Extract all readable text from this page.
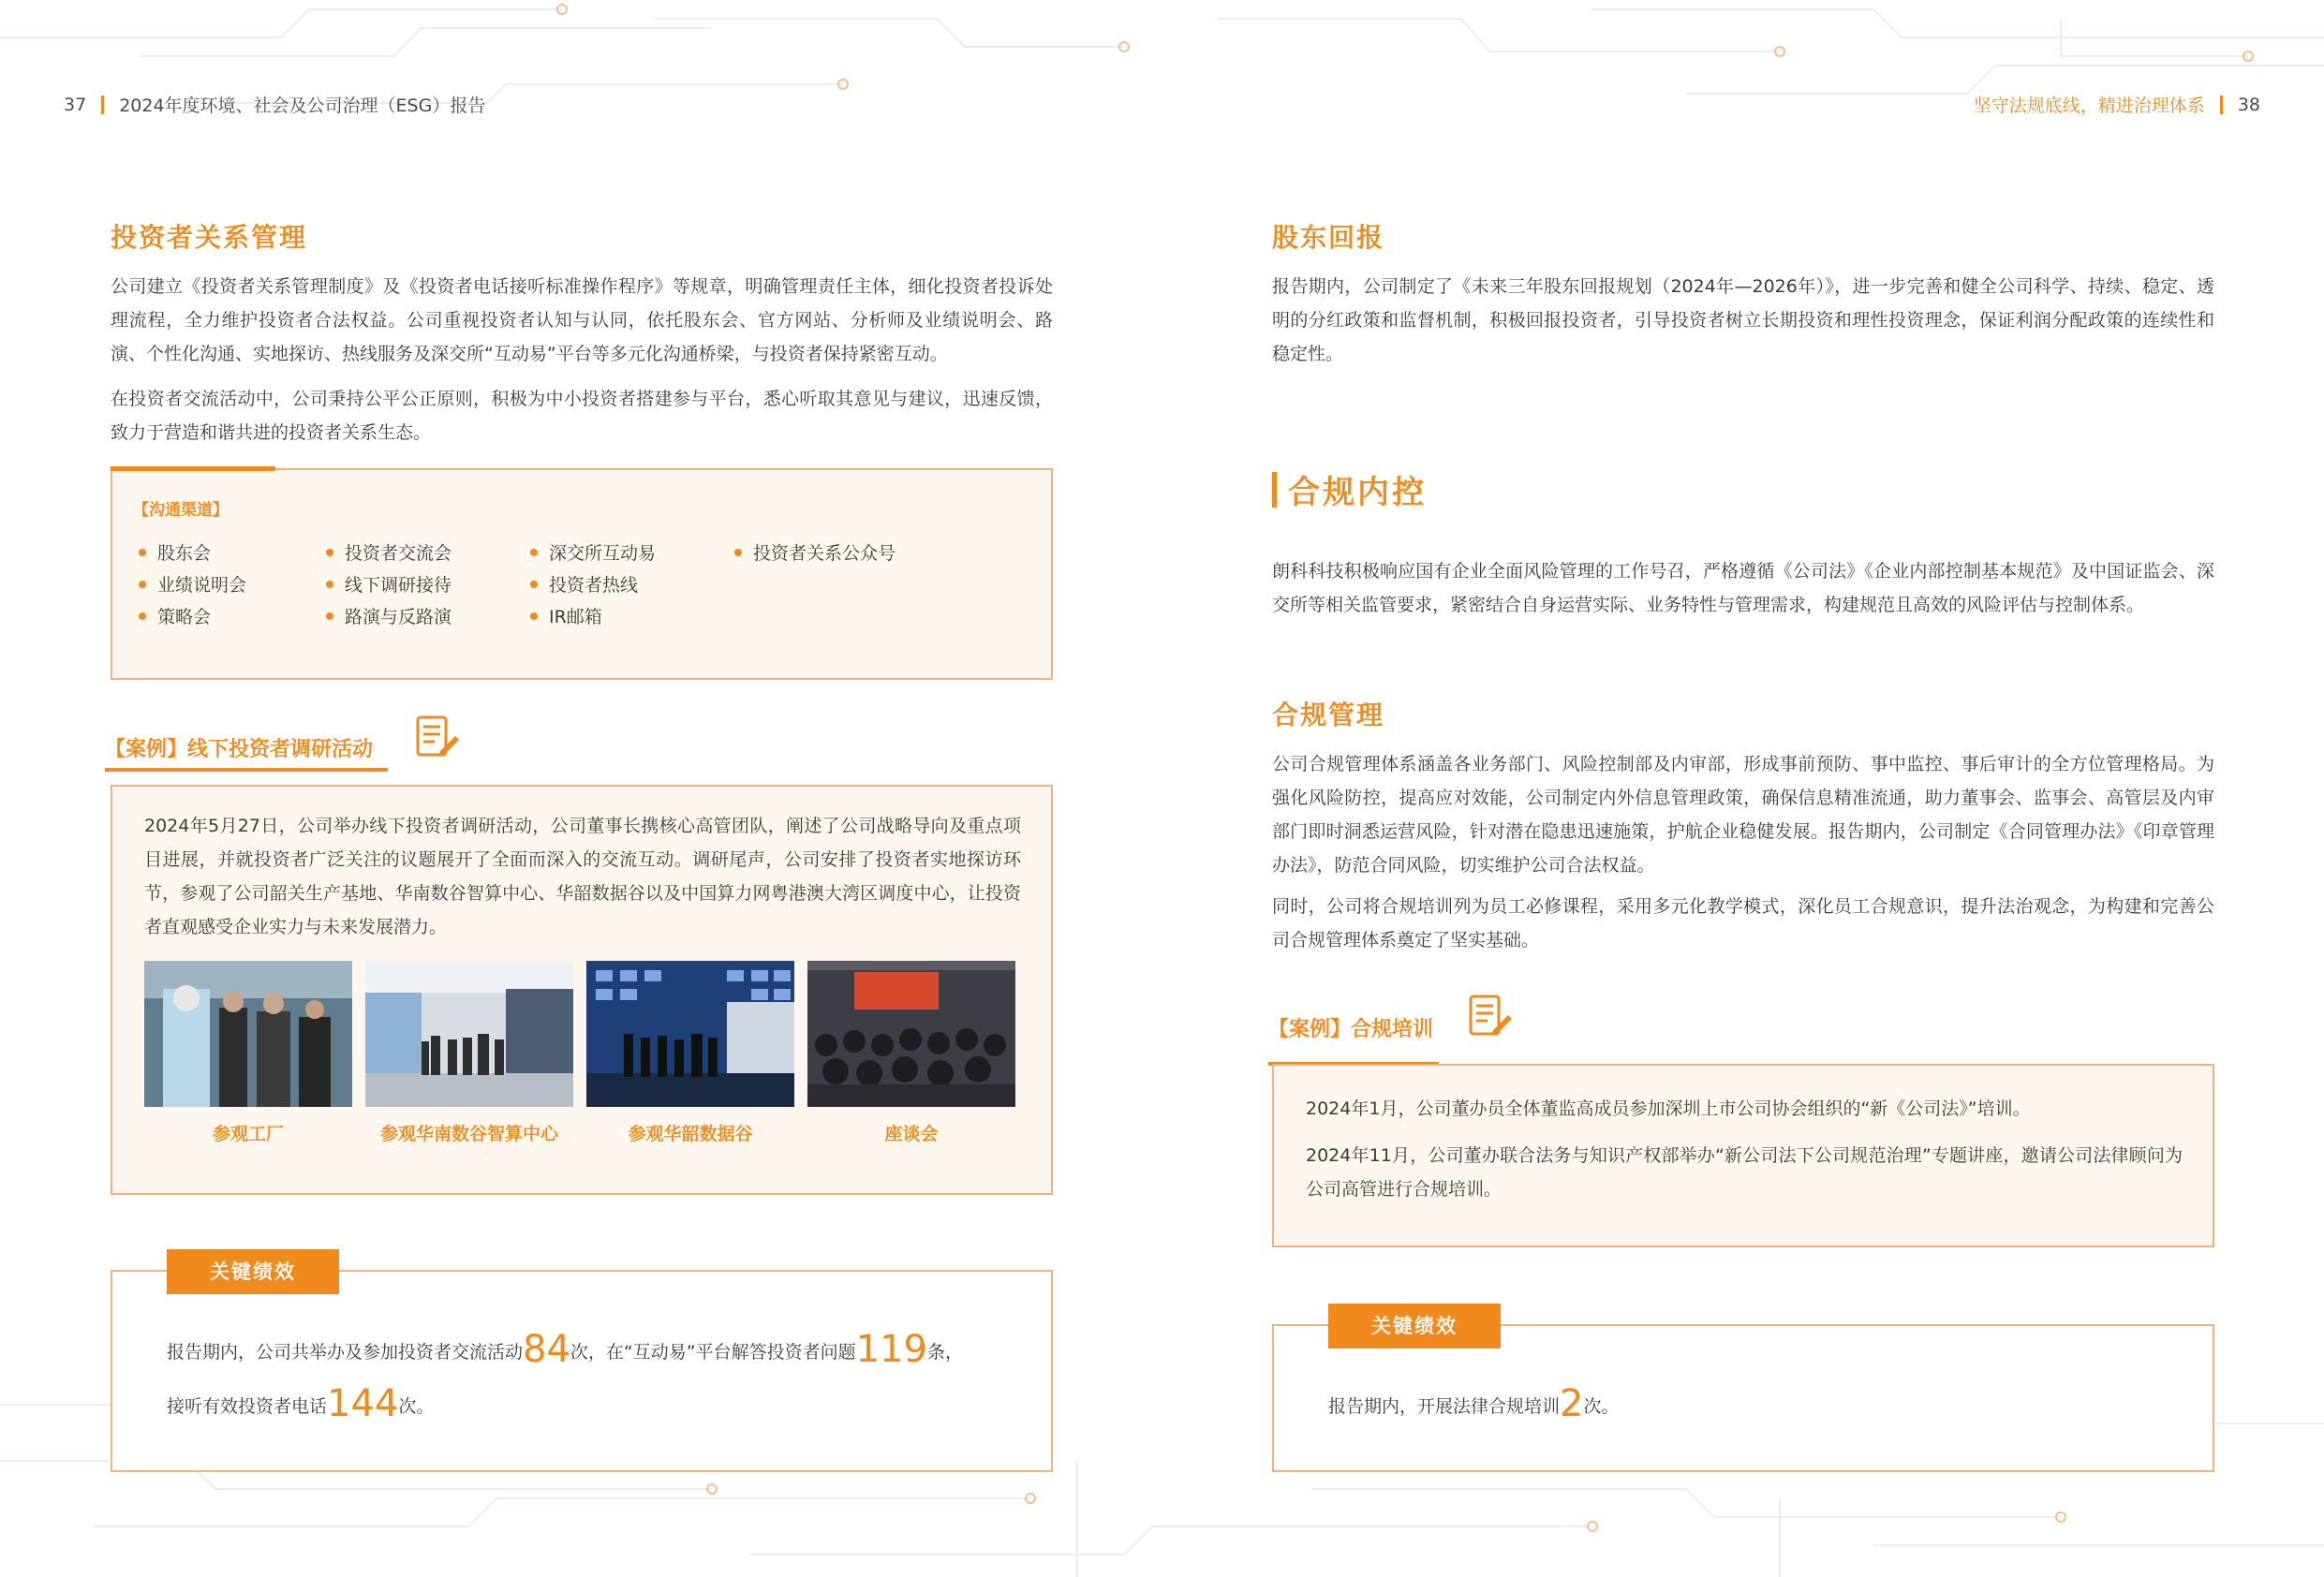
37 2024年度环境、社会及公司治理（ESG）报告	坚守法规底线，精进治理体系 38
投资者关系管理
公司建立《投资者关系管理制度》及《投资者电话接听标准操作程序》等规章，明确管理责任主体，细化投资者投诉处理流程，全力维护投资者合法权益。公司重视投资者认知与认同，依托股东会、官方网站、分析师及业绩说明会、路演、个性化沟通、实地探访、热线服务及深交所“互动易”平台等多元化沟通桥梁，与投资者保持紧密互动。
在投资者交流活动中，公司秉持公平公正原则，积极为中小投资者搭建参与平台，悉心听取其意见与建议，迅速反馈，致力于营造和谐共进的投资者关系生态。
【沟通渠道】
股东会	投资者交流会	深交所互动易	投资者关系公众号
业绩说明会	线下调研接待	投资者热线
策略会	路演与反路演	IR邮箱
【案例】线下投资者调研活动
2024年5月27日，公司举办线下投资者调研活动，公司董事长携核心高管团队，阐述了公司战略导向及重点项目进展，并就投资者广泛关注的议题展开了全面而深入的交流互动。调研尾声，公司安排了投资者实地探访环节，参观了公司韶关生产基地、华南数谷智算中心、华韶数据谷以及中国算力网粤港澳大湾区调度中心，让投资者直观感受企业实力与未来发展潜力。
参观工厂	参观华南数谷智算中心	参观华韶数据谷	座谈会
关键绩效
报告期内，公司共举办及参加投资者交流活动84次，在“互动易”平台解答投资者问题119条，
接听有效投资者电话144次。
股东回报
报告期内，公司制定了《未来三年股东回报规划（2024年—2026年）》，进一步完善和健全公司科学、持续、稳定、透明的分红政策和监督机制，积极回报投资者，引导投资者树立长期投资和理性投资理念，保证利润分配政策的连续性和稳定性。
合规内控
朗科科技积极响应国有企业全面风险管理的工作号召，严格遵循《公司法》《企业内部控制基本规范》及中国证监会、深交所等相关监管要求，紧密结合自身运营实际、业务特性与管理需求，构建规范且高效的风险评估与控制体系。
合规管理
公司合规管理体系涵盖各业务部门、风险控制部及内审部，形成事前预防、事中监控、事后审计的全方位管理格局。为强化风险防控，提高应对效能，公司制定内外信息管理政策，确保信息精准流通，助力董事会、监事会、高管层及内审部门即时洞悉运营风险，针对潜在隐患迅速施策，护航企业稳健发展。报告期内，公司制定《合同管理办法》《印章管理办法》，防范合同风险，切实维护公司合法权益。
同时，公司将合规培训列为员工必修课程，采用多元化教学模式，深化员工合规意识，提升法治观念，为构建和完善公司合规管理体系奠定了坚实基础。
【案例】合规培训
2024年1月，公司董办员全体董监高成员参加深圳上市公司协会组织的“新《公司法》”培训。
2024年11月，公司董办联合法务与知识产权部举办“新公司法下公司规范治理”专题讲座，邀请公司法律顾问为公司高管进行合规培训。
关键绩效
报告期内，开展法律合规培训2次。
